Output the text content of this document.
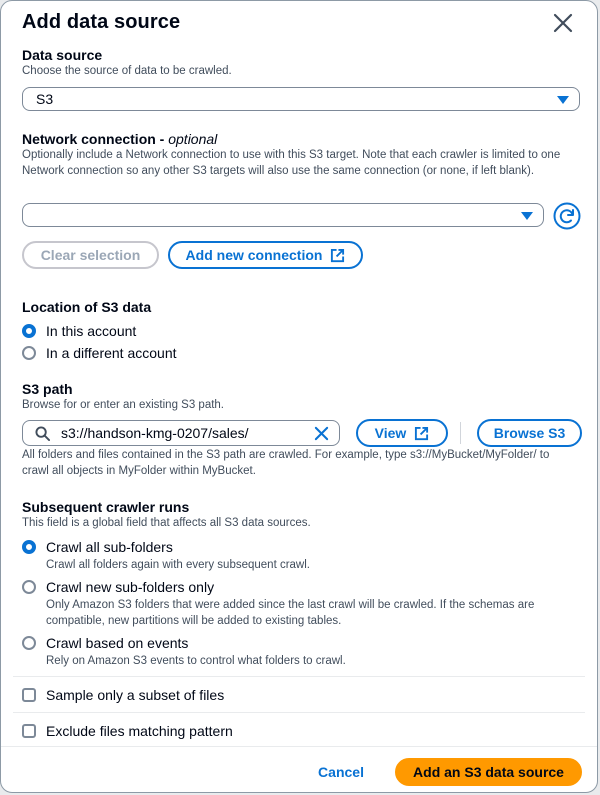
Add data source
Data source
Choose the source of data to be crawled.
S3
Network connection - optional
Optionally include a Network connection to use with this S3 target. Note that each crawler is limited to one Network connection so any other S3 targets will also use the same connection (or none, if left blank).
Clear selection	Add new connection
Location of S3 data
In this account
In a different account
S3 path
Browse for or enter an existing S3 path.
s3://handson-kmg-0207/sales/	View	Browse S3
All folders and files contained in the S3 path are crawled. For example, type s3://MyBucket/MyFolder/ to crawl all objects in MyFolder within MyBucket.
Subsequent crawler runs
This field is a global field that affects all S3 data sources.
Crawl all sub-folders
Crawl all folders again with every subsequent crawl.
Crawl new sub-folders only
Only Amazon S3 folders that were added since the last crawl will be crawled. If the schemas are compatible, new partitions will be added to existing tables.
Crawl based on events
Rely on Amazon S3 events to control what folders to crawl.
Sample only a subset of files
Exclude files matching pattern
Cancel	Add an S3 data source
